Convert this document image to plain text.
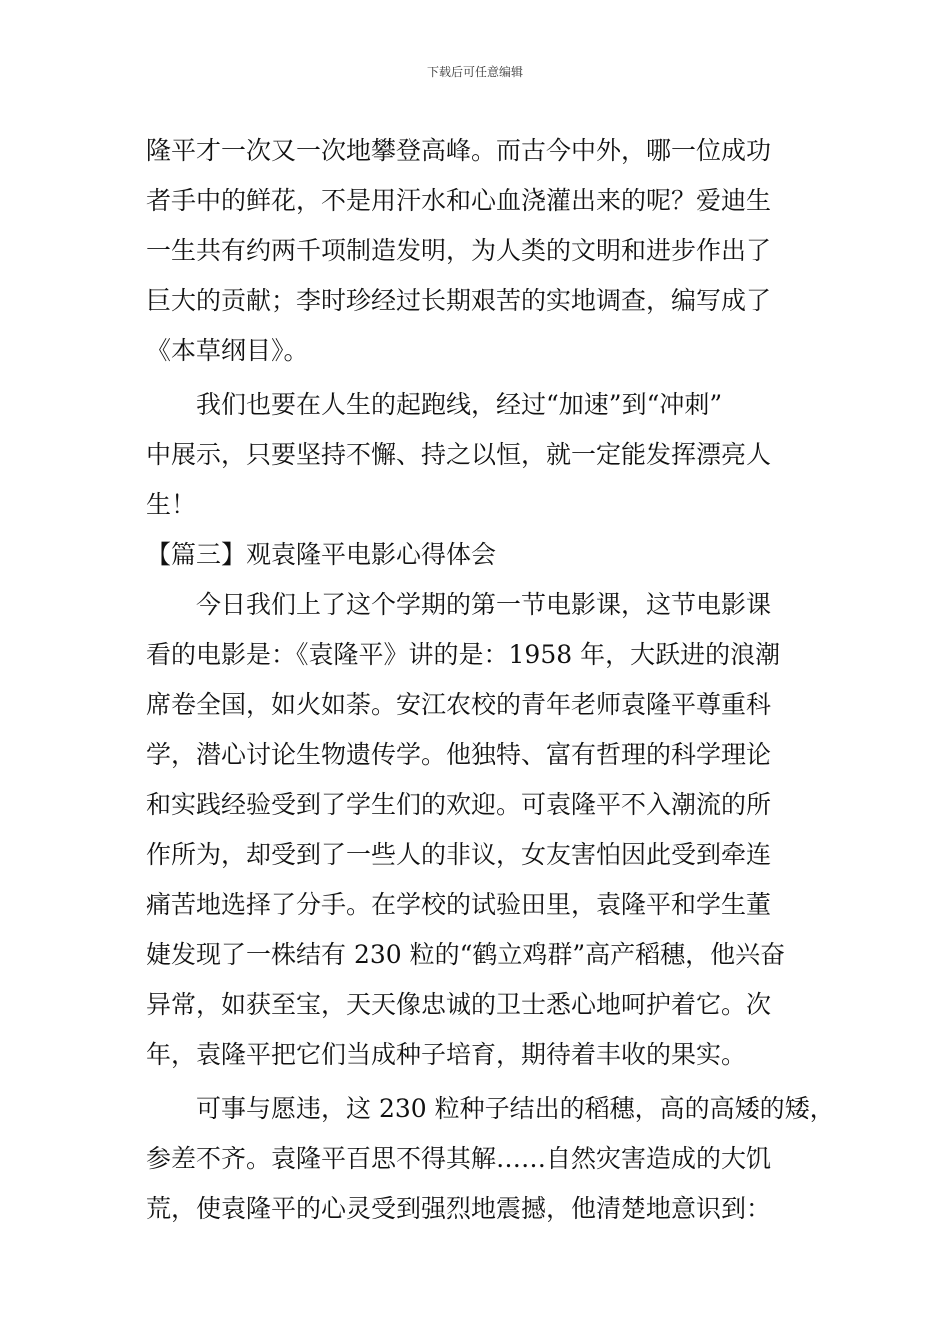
下载后可任意编辑
隆平才一次又一次地攀登高峰。而古今中外，哪一位成功
者手中的鲜花，不是用汗水和心血浇灌出来的呢？爱迪生
一生共有约两千项制造发明，为人类的文明和进步作出了
巨大的贡献；李时珍经过长期艰苦的实地调查，编写成了
《本草纲目》。
我们也要在人生的起跑线，经过“加速”到“冲刺”
中展示，只要坚持不懈、持之以恒，就一定能发挥漂亮人
生！
【篇三】观袁隆平电影心得体会
今日我们上了这个学期的第一节电影课，这节电影课
看的电影是：《袁隆平》讲的是：1958 年，大跃进的浪潮
席卷全国，如火如荼。安江农校的青年老师袁隆平尊重科
学，潜心讨论生物遗传学。他独特、富有哲理的科学理论
和实践经验受到了学生们的欢迎。可袁隆平不入潮流的所
作所为，却受到了一些人的非议，女友害怕因此受到牵连
痛苦地选择了分手。在学校的试验田里，袁隆平和学生董
婕发现了一株结有 230 粒的“鹤立鸡群”高产稻穗，他兴奋
异常，如获至宝，天天像忠诚的卫士悉心地呵护着它。次
年，袁隆平把它们当成种子培育，期待着丰收的果实。
可事与愿违，这 230 粒种子结出的稻穗，高的高矮的矮，
参差不齐。袁隆平百思不得其解……自然灾害造成的大饥
荒，使袁隆平的心灵受到强烈地震撼，他清楚地意识到：
